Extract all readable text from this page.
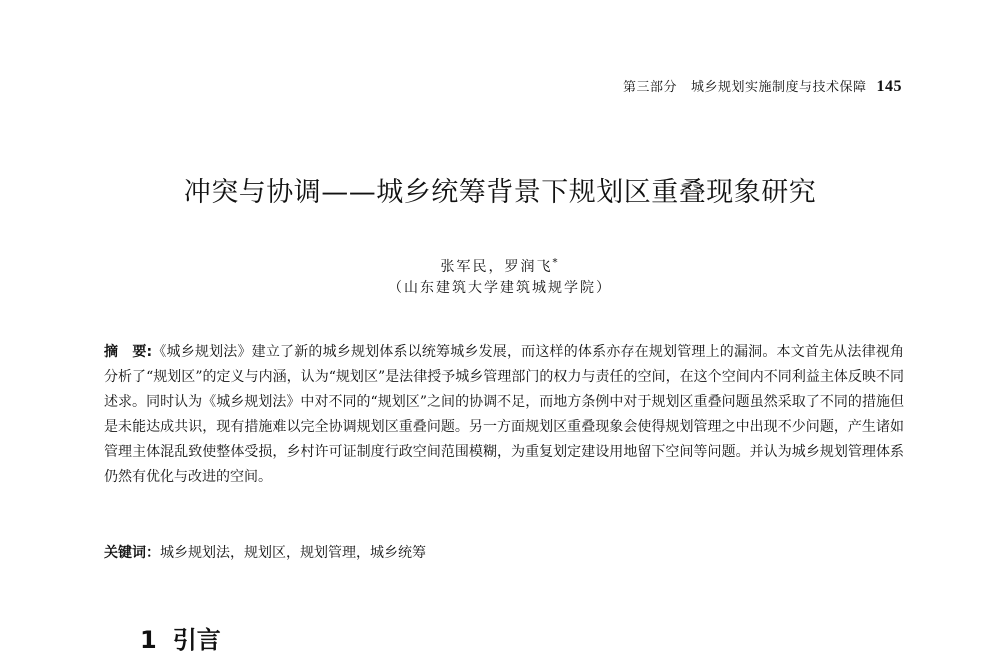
第三部分 城乡规划实施制度与技术保障 145
冲突与协调——城乡统筹背景下规划区重叠现象研究
张军民，罗润飞*
（山东建筑大学建筑城规学院）
摘　要:《城乡规划法》建立了新的城乡规划体系以统筹城乡发展，而这样的体系亦存在规划管理上的漏洞。本文首先从法律视角分析了“规划区”的定义与内涵，认为“规划区”是法律授予城乡管理部门的权力与责任的空间，在这个空间内不同利益主体反映不同述求。同时认为《城乡规划法》中对不同的“规划区”之间的协调不足，而地方条例中对于规划区重叠问题虽然采取了不同的措施但是未能达成共识，现有措施难以完全协调规划区重叠问题。另一方面规划区重叠现象会使得规划管理之中出现不少问题，产生诸如管理主体混乱致使整体受损，乡村许可证制度行政空间范围模糊，为重复划定建设用地留下空间等问题。并认为城乡规划管理体系仍然有优化与改进的空间。
关键词：城乡规划法，规划区，规划管理，城乡统筹
1 引言
